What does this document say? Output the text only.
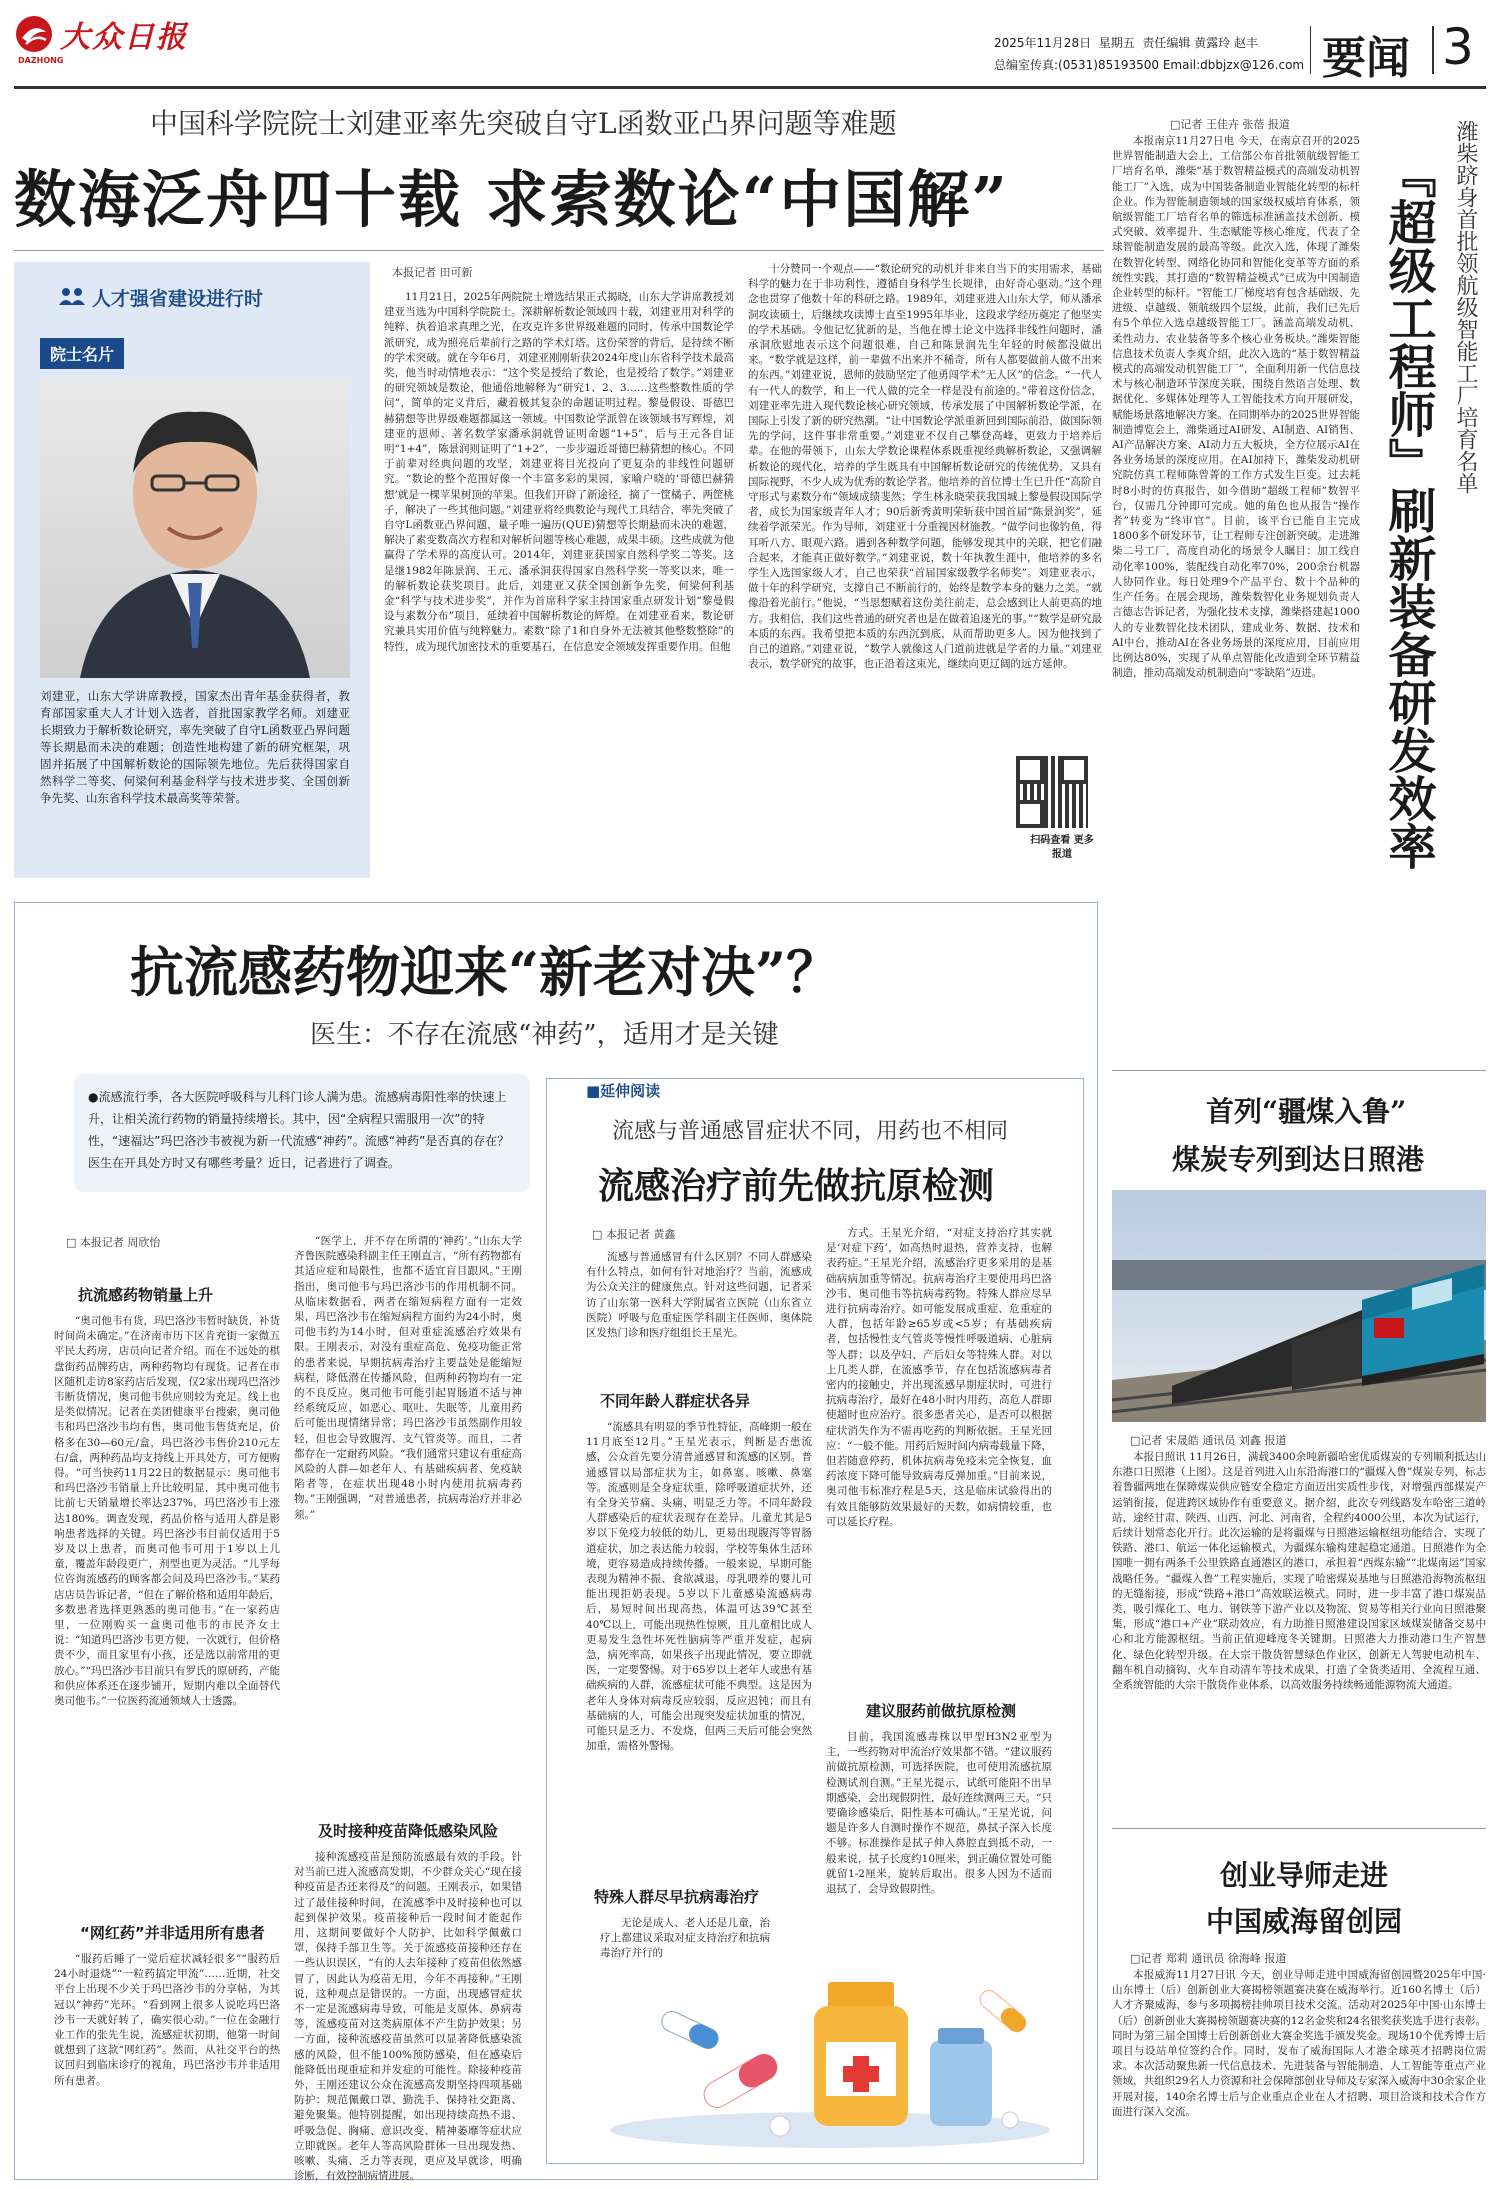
大众日报
DAZHONG
2025年11月28日 星期五 责任编辑 黄露玲 赵丰
总编室传真:(0531)85193500 Email:dbbjzx@126.com 要闻 3
中国科学院院士刘建亚率先突破自守L函数亚凸界问题等难题
数海泛舟四十载 求索数论“中国解”
人才强省建设进行时
院士名片
刘建亚，山东大学讲席教授，国家杰出青年基金获得者，教育部国家重大人才计划入选者，首批国家教学名师。刘建亚长期致力于解析数论研究，率先突破了自守L函数亚凸界问题等长期悬而未决的难题；创造性地构建了新的研究框架，巩固并拓展了中国解析数论的国际领先地位。先后获得国家自然科学二等奖、何梁何利基金科学与技术进步奖、全国创新争先奖、山东省科学技术最高奖等荣誉。
本报记者 田可新
11月21日，2025年两院院士增选结果正式揭晓，山东大学讲席教授刘建亚当选为中国科学院院士。深耕解析数论领域四十载，刘建亚用对科学的纯粹、执着追求真理之光，在攻克许多世界级难题的同时，传承中国数论学派研究，成为照亮后辈前行之路的学术灯塔。这份荣誉的背后，是持续不断的学术突破。就在今年6月，刘建亚刚刚斩获2024年度山东省科学技术最高奖，他当时动情地表示：“这个奖是授给了数论，也是授给了数学。”刘建亚的研究领域是数论，他通俗地解释为“研究1、2、3……这些整数性质的学问”，简单的定义背后，藏着极其复杂的命题证明过程。黎曼假设、哥德巴赫猜想等世界级难题都属这一领域。中国数论学派曾在该领域书写辉煌，刘建亚的恩师、著名数学家潘承洞就曾证明命题“1+5”，后与王元各自证明“1+4”，陈景润则证明了“1+2”，一步步逼近哥德巴赫猜想的核心。不同于前辈对经典问题的攻坚，刘建亚将目光投向了更复杂的非线性问题研究。“数论的整个范围好像一个丰富多彩的果园，家喻户晓的‘哥德巴赫猜想’就是一棵苹果树顶的苹果。但我们开辟了新途径，摘了一筐橘子、两筐桃子，解决了一些其他问题。”刘建亚将经典数论与现代工具结合，率先突破了自守L函数亚凸界问题，量子唯一遍历(QUE)猜想等长期悬而未决的难题，解决了素变数高次方程和对解析问题等核心难题，成果丰硕。这些成就为他赢得了学术界的高度认可。2014年，刘建亚获国家自然科学奖二等奖。这是继1982年陈景润、王元、潘承洞获得国家自然科学奖一等奖以来，唯一的解析数论获奖项目。此后，刘建亚又获全国创新争先奖，何梁何利基金“科学与技术进步奖”，并作为首席科学家主持国家重点研发计划“黎曼假设与素数分布”项目，延续着中国解析数论的辉煌。在刘建亚看来，数论研究兼具实用价值与纯粹魅力。素数“除了1和自身外无法被其他整数整除”的特性，成为现代加密技术的重要基石，在信息安全领域发挥重要作用。但他
十分赞同一个观点——“数论研究的动机并非来自当下的实用需求，基础科学的魅力在于非功利性，遵循自身科学生长规律，由好奇心驱动。”这个理念也贯穿了他数十年的科研之路。1989年，刘建亚进入山东大学，师从潘承洞攻读硕士，后继续攻读博士直至1995年毕业，这段求学经历奠定了他坚实的学术基础。令他记忆犹新的是，当他在博士论文中选择非线性问题时，潘承洞欣慰地表示这个问题很难，自己和陈景润先生年轻的时候都没做出来。“数学就是这样，前一辈做不出来并不稀奇，所有人都要做前人做不出来的东西。”刘建亚说，恩师的鼓励坚定了他勇闯学术“无人区”的信念。“一代人有一代人的数学，和上一代人做的完全一样是没有前途的。”带着这份信念，刘建亚率先进入现代数论核心研究领域，传承发展了中国解析数论学派，在国际上引发了新的研究热潮。“让中国数论学派重新回到国际前沿，做国际领先的学问，这件事非常重要。”刘建亚不仅自己攀登高峰，更致力于培养后辈。在他的带领下，山东大学数论课程体系既重视经典解析数论，又强调解析数论的现代化，培养的学生既具有中国解析数论研究的传统优势，又具有国际视野，不少人成为优秀的数论学者。他培养的首位博士生已升任“高阶自守形式与素数分布”领域成绩斐然；学生林永晓荣获我国城上黎曼假设国际学者，成长为国家级青年人才；90后新秀黄明荣斩获中国首届“陈景润奖”，延续着学派荣光。作为导师，刘建亚十分重视因材施教。“做学问也像钓鱼，得耳听八方、眼观六路。遇到各种数学问题，能够发现其中的关联，把它们融合起来，才能真正做好数学。”刘建亚说，数十年执教生涯中，他培养的多名学生入选国家级人才，自己也荣获“首届国家级教学名师奖”。刘建亚表示，做十年的科学研究，支撑自己不断前行的，始终是数学本身的魅力之美。“就像沿着光前行。”他说，“当思想赋着这份美往前走，总会感到让人前更高的地方。我相信，我们这些普通的研究者也是在做着追逐光的事。”“数学是研究最本质的东西。我希望把本质的东西沉到底，从而帮助更多人。因为他找到了自己的道路。”刘建亚说，“数学人就像这人门道前进就是学者的力量。”刘建亚表示，数学研究的故事，也正沿着这束光，继续向更辽阔的远方延伸。
扫码查看 更多报道
□记者 王佳卉 张蓓 报道	潍柴跻身首批领航级智能工厂培育名单
『超级工程师』刷新装备研发效率
本报南京11月27日电 今天，在南京召开的2025世界智能制造大会上，工信部公布首批领航级智能工厂培育名单，潍柴“基于数智精益模式的高端发动机智能工厂”入选，成为中国装备制造业智能化转型的标杆企业。作为智能制造领域的国家级权威培育体系，领航级智能工厂培育名单的筛选标准涵盖技术创新、模式突破、效率提升、生态赋能等核心维度，代表了全球智能制造发展的最高等级。此次入选，体现了潍柴在数智化转型、网络化协同和智能化变革等方面的系统性实践，其打造的“数智精益模式”已成为中国制造企业转型的标杆。“智能工厂梯度培育包含基础级、先进级、卓越级、领航级四个层级，此前，我们已先后有5个单位入选卓越级智能工厂。涵盖高端发动机、柔性动力、农业装备等多个核心业务板块。”潍柴智能信息技术负责人李爽介绍，此次入选的“基于数智精益模式的高端发动机智能工厂”，全面利用新一代信息技术与核心制造环节深度关联，围绕自然语言处理、数据优化、多媒体处理等人工智能技术方向开展研发，赋能场景落地解决方案。在同期举办的2025世界智能制造博览会上，潍柴通过AI研发、AI制造、AI销售、AI产品解决方案、AI动力五大板块，全方位展示AI在各业务场景的深度应用。在AI加持下，潍柴发动机研究院仿真工程师陈曾菁的工作方式发生巨变。过去耗时8小时的仿真报告，如今借助“超级工程师”数智平台，仅需几分钟即可完成。她的角色也从报告“操作者”转变为“终审官”。目前，该平台已能自主完成1800多个研发环节，让工程师专注创新突破。走进潍柴二号工厂，高度自动化的场景令人瞩目：加工线自动化率100%，装配线自动化率70%，200余台机器人协同作业。每日处理9个产品平台、数十个品种的生产任务。在展会现场，潍柴数智化业务规划负责人言德志告诉记者，为强化技术支撑，潍柴搭建起1000人的专业数智化技术团队，建成业务、数据、技术和AI中台，推动AI在各业务场景的深度应用，目前应用比例达80%，实现了从单点智能化改造到全环节精益制造，推动高端发动机制造向“零缺陷”迈进。
抗流感药物迎来“新老对决”？
医生：不存在流感“神药”，适用才是关键
●流感流行季，各大医院呼吸科与儿科门诊人满为患。流感病毒阳性率的快速上升，让相关流行药物的销量持续增长。其中，因“全病程只需服用一次”的特性，“速福达”玛巴洛沙韦被视为新一代流感“神药”。流感“神药”是否真的存在？医生在开具处方时又有哪些考量？近日，记者进行了调查。
□ 本报记者 周欣怡
抗流感药物销量上升
“奥司他韦有货，玛巴洛沙韦暂时缺货，补货时间尚未确定。”在济南市历下区肯充街一家微五平民大药房，店员向记者介绍。而在不远处的棋盘街药品牌药店，两种药物均有现货。记者在市区随机走访8家药店后发现，仅2家出现玛巴洛沙韦断货情况，奥司他韦供应则较为充足。线上也是类似情况。记者在美团健康平台搜索，奥司他韦和玛巴洛沙韦均有售，奥司他韦售货充足，价格多在30—60元/盒，玛巴洛沙韦售价210元左右/盒，两种药品均支持线上开具处方，可方便购得。“可当快药11月22日的数据显示：奥司他韦和玛巴洛沙韦销量上升比较明显，其中奥司他韦比前七天销量增长率达237%，玛巴洛沙韦上涨达180%。调查发现，药品价格与适用人群是影响患者选择的关键。玛巴洛沙韦目前仅适用于5岁及以上患者，而奥司他韦可用于1岁以上儿童，覆盖年龄段更广，剂型也更为灵活。“儿孚每位咨询流感药的顾客都会问及玛巴洛沙韦。”某药店店员告诉记者，“但在了解价格和适用年龄后，多数患者选择更熟悉的奥司他韦。”在一家药店里，一位刚购买一盒奥司他韦的市民齐女士说：“知道玛巴洛沙韦更方便，一次就行，但价格贵不少，而且家里有小孩，还是选以前常用的更放心。”“玛巴洛沙韦目前只有罗氏的原研药，产能和供应体系还在逐步铺开，短期内难以全面替代奥司他韦。”一位医药流通领域人士透露。
“网红药”并非适用所有患者
“服药后睡了一觉后症状减轻很多”“服药后24小时退烧”“一粒药搞定甲流”……近期，社交平台上出现不少关于玛巴洛沙韦的分享帖，为其冠以“神药”光环。“看到网上很多人说吃玛巴洛沙韦一天就好转了，确实很心动。”一位在金融行业工作的张先生说，流感症状初期，他第一时间就想到了这款“网红药”。然而，从社交平台的热议回归到临床诊疗的视角，玛巴洛沙韦并非适用所有患者。
“医学上，并不存在所谓的‘神药’。”山东大学齐鲁医院感染科副主任王刚直言，“所有药物都有其适应症和局限性，也都不适宜盲目跟风。”王刚指出，奥司他韦与玛巴洛沙韦的作用机制不同。从临床数据看，两者在缩短病程方面有一定效果，玛巴洛沙韦在缩短病程方面约为24小时，奥司他韦约为14小时，但对重症流感治疗效果有限。王刚表示，对没有重症高危、免疫功能正常的患者来说，早期抗病毒治疗主要益处是能缩短病程，降低潜在传播风险，但两种药物均有一定的不良反应。奥司他韦可能引起胃肠道不适与神经系统反应，如恶心、呕吐、失眠等，儿童用药后可能出现情绪异常；玛巴洛沙韦虽然副作用较轻，但也会导致腹泻、支气管炎等。而且，二者都存在一定耐药风险。“我们通常只建议有重症高风险的人群—如老年人、有基础疾病者、免疫缺陷者等，在症状出现48小时内使用抗病毒药物。”王刚强调，“对普通患者，抗病毒治疗并非必须。”
及时接种疫苗降低感染风险
接种流感疫苗是预防流感最有效的手段。针对当前已进入流感高发期，不少群众关心“现在接种疫苗是否还来得及”的问题。王刚表示，如果错过了最佳接种时间，在流感季中及时接种也可以起到保护效果。疫苗接种后一段时间才能起作用，这期间要做好个人防护，比如科学佩戴口罩，保持手部卫生等。关于流感疫苗接种还存在一些认识误区，“有的人去年接种了疫苗但依然感冒了，因此认为疫苗无用，今年不再接种。”王刚说，这种观点是错误的。一方面，出现感冒症状不一定是流感病毒导致，可能是支原体、鼻病毒等，流感疫苗对这类病原体不产生防护效果；另一方面，接种流感疫苗虽然可以显著降低感染流感的风险，但不能100%预防感染，但在感染后能降低出现重症和并发症的可能性。除接种疫苗外，王刚还建议公众在流感高发期坚持四项基础防护：规范佩戴口罩、勤洗手、保持社交距离、避免聚集。他特别提醒，如出现持续高热不退、呼吸急促、胸痛、意识改变、精神萎靡等症状应立即就医。老年人等高风险群体一旦出现发热、咳嗽、头痛、乏力等表现，更应及早就诊，明确诊断，有效控制病情进展。
■延伸阅读
流感与普通感冒症状不同，用药也不相同
流感治疗前先做抗原检测
□ 本报记者 黄鑫
流感与普通感冒有什么区别？不同人群感染有什么特点，如何有针对地治疗？当前，流感成为公众关注的健康焦点。针对这些问题，记者采访了山东第一医科大学附属省立医院（山东省立医院）呼吸与危重症医学科副主任医师、奥体院区发热门诊和医疗组组长王星光。
不同年龄人群症状各异
“流感具有明显的季节性特征，高峰期一般在11月底至12月。”王星光表示，判断是否患流感，公众首先要分清普通感冒和流感的区别。普通感冒以局部症状为主，如鼻塞、咳嗽、鼻塞等。流感则是全身症状重，除呼吸道症状外，还有全身关节痛、头痛、明显乏力等。不同年龄段人群感染后的症状表现存在差异。儿童尤其是5岁以下免疫力较低的幼儿，更易出现腹泻等胃肠道症状，加之表达能力较弱，学校等集体生活环境，更容易造成持续传播。一般来说，早期可能表现为精神不振、食欲减退，母乳喂养的婴儿可能出现拒奶表现。5岁以下儿童感染流感病毒后，易短时间出现高热，体温可达39℃甚至40℃以上，可能出现热性惊厥，且儿童相比成人更易发生急性坏死性脑病等严重并发症，起病急，病死率高，如果孩子出现此情况，要立即就医，一定要警惕。对于65岁以上老年人或患有基础疾病的人群，流感症状可能不典型。这是因为老年人身体对病毒反应较弱，反应迟钝；而且有基础病的人，可能会出现突发症状加重的情况，可能只是乏力、不发烧，但两三天后可能会突然加重，需格外警惕。
特殊人群尽早抗病毒治疗
无论是成人、老人还是儿童，治疗上都建议采取对症支持治疗和抗病毒治疗并行的
方式。王星光介绍，“对症支持治疗其实就是‘对症下药’，如高热时退热，营养支持，也解表药症。”王星光介绍，流感治疗更多采用的是基础病病加重等情况。抗病毒治疗主要使用玛巴洛沙韦、奥司他韦等抗病毒药物。特殊人群应尽早进行抗病毒治疗。如可能发展成重症、危重症的人群，包括年龄≥65岁或<5岁；有基础疾病者，包括慢性支气管炎等慢性呼吸道病、心脏病等人群；以及孕妇、产后妇女等特殊人群。对以上几类人群，在流感季节，存在包括流感病毒者密内的接触史，并出现流感早期症状时，可进行抗病毒治疗，最好在48小时内用药，高危人群即使超时也应治疗。很多患者关心，是否可以根据症状消失作为不需再吃药的判断依据。王星光回应：“一般不能。用药后短时间内病毒载量下降，但若随意停药，机体抗病毒免疫未完全恢复，血药浓度下降可能导致病毒反弹加重。”目前来说，奥司他韦标准疗程是5天，这是临床试验得出的有效且能够防效果最好的天数，如病情较重，也可以延长疗程。
建议服药前做抗原检测
目前，我国流感毒株以甲型H3N2亚型为主，一些药物对甲流治疗效果都不错。“建议服药前做抗原检测，可选择医院，也可使用流感抗原检测试剂自测。”王星光提示，试纸可能阳不出早期感染，会出现假阴性，最好连续测两三天。“只要确诊感染后，阳性基本可确认。”王星光说，问题是许多人自测时操作不规范，鼻拭子深入长度不够。标准操作是拭子伸入鼻腔直到抵不动，一般来说，拭子长度约10厘米，到正确位置处可能就留1-2厘米，旋转后取出。很多人因为不适而退拭了，会导致假阴性。
首列“疆煤入鲁”
煤炭专列到达日照港
□记者 宋晟皓 通讯员 刘鑫 报道
本报日照讯 11月26日，满载3400余吨新疆哈密优质煤炭的专列顺利抵达山东港口日照港（上图）。这是首列进入山东沿海港口的“疆煤入鲁”煤炭专列，标志着鲁疆两地在保障煤炭供应链安全稳定方面迈出实质性步伐，对增强西部煤炭产运销衔接，促进跨区域协作有重要意义。据介绍，此次专列线路发车哈密三道岭站，途经甘肃、陕西、山西、河北、河南省，全程约4000公里，本次为试运行，后续计划常态化开行。此次运输的是将疆煤与日照港运输枢纽功能结合，实现了铁路、港口、航运一体化运输模式，为疆煤东输构建起稳定通道。日照港作为全国唯一拥有两条千公里铁路直通港区的港口，承担着“西煤东输”“北煤南运”国家战略任务。“疆煤入鲁”工程实施后，实现了哈密煤炭基地与日照港沿海物流枢纽的无缝衔接，形成“铁路+港口”高效联运模式。同时，进一步丰富了港口煤炭品类，吸引煤化工、电力、钢铁等下游产业以及物流、贸易等相关行业向日照港聚集，形成“港口+产业”联动效应，有力助推日照港建设国家区域煤炭储备交易中心和北方能源枢纽。当前正值迎峰度冬关键期。日照港大力推动港口生产智慧化、绿色化转型升级。在大宗干散货智慧绿色作业区，创新无人驾驶电动机车、翻车机自动摘钩、火车自动清车等技术成果，打造了全货类适用、全流程互通、全系统智能的大宗干散货作业体系，以高效服务持续畅通能源物流大通道。
创业导师走进
中国威海留创园
□记者 郑莉 通讯员 徐海峰 报道
本报威海11月27日讯 今天，创业导师走进中国威海留创园暨2025年中国·山东博士（后）创新创业大赛揭榜领题赛决赛在威海举行。近160名博士（后）人才齐聚威海，参与多项揭榜挂帅项目技术交流。活动对2025年中国·山东博士（后）创新创业大赛揭榜领题赛决赛的12名金奖和24名银奖获奖选手进行表彰。同时为第三届全国博士后创新创业大赛金奖选手颁发奖金。现场10个优秀博士后项目与设站单位签约合作。同时，发布了威海国际人才港全球英才招聘岗位需求。本次活动聚焦新一代信息技术、先进装备与智能制造、人工智能等重点产业领域，共组织29名人力资源和社会保障部创业导师及专家深入威海中30余家企业开展对接，140余名博士后与企业重点企业在人才招聘、项目洽谈和技术合作方面进行深入交流。
